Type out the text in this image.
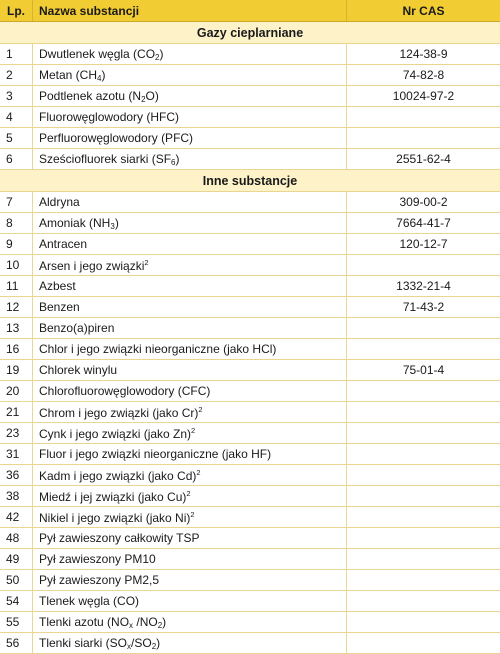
Lp.	Nazwa substancji	Nr CAS
Gazy cieplarniane
1	Dwutlenek węgla $(CO_2)$	124-38-9
2	Metan $(CH_4)$	74-82-8
3	Podtlenek azotu $(N_2O)$	10024-97-2
4	Fluorowęglowodory (HFC)
5	Perfluorowęglowodory (PFC)
6	Sześciofluorek siarki $(SF_6)$	2551-62-4
Inne substancje
7	Aldryna	309-00-2
8	Amoniak $(NH_3)$	7664-41-7
9	Antracen	120-12-7
10	Arsen i jego związki$^2$
11	Azbest	1332-21-4
12	Benzen	71-43-2
13	Benzo(a)piren
16	Chlor i jego związki nieorganiczne (jako HCl)
19	Chlorek winylu	75-01-4
20	Chlorofluorowęglowodory (CFC)
21	Chrom i jego związki (jako Cr)$^2$
23	Cynk i jego związki (jako Zn)$^2$
31	Fluor i jego związki nieorganiczne (jako HF)
36	Kadm i jego związki (jako Cd)$^2$
38	Miedź i jej związki (jako Cu)$^2$
42	Nikiel i jego związki (jako Ni)$^2$
48	Pył zawieszony całkowity TSP
49	Pył zawieszony PM10
50	Pył zawieszony PM2,5
54	Tlenek węgla (CO)
55	Tlenki azotu ($NO_x$ $/NO_2$)
56	Tlenki siarki $(SO_x/SO_2)$
